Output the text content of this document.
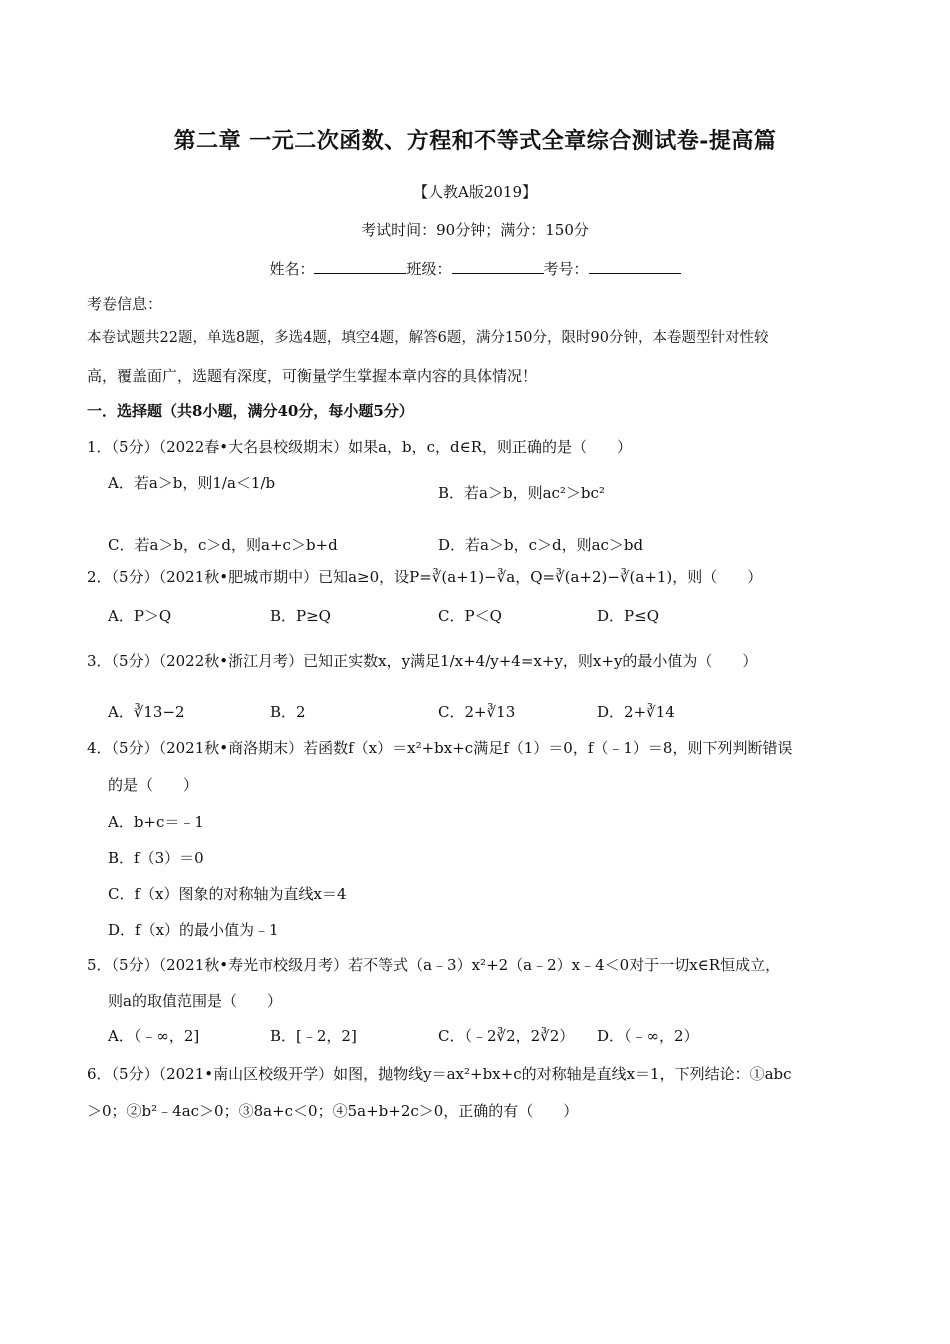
第二章 一元二次函数、方程和不等式全章综合测试卷-提高篇
【人教A版2019】
考试时间：90分钟；满分：150分
姓名：	班级：	考号：
考卷信息：
本卷试题共22题，单选8题，多选4题，填空4题，解答6题，满分150分，限时90分钟，本卷题型针对性较
高，覆盖面广，选题有深度，可衡量学生掌握本章内容的具体情况！
一．选择题（共8小题，满分40分，每小题5分）
1．（5分）（2022春•大名县校级期末）如果a，b，c，d∈R，则正确的是（　　）
A．若a＞b，则1/a＜1/b
B．若a＞b，则ac²＞bc²
C．若a＞b，c＞d，则a+c＞b+d	D．若a＞b，c＞d，则ac＞bd
2．（5分）（2021秋•肥城市期中）已知a≥0，设P=∛(a+1)−∛a，Q=∛(a+2)−∛(a+1)，则（　　）
A．P＞Q	B．P≥Q	C．P＜Q	D．P≤Q
3．（5分）（2022秋•浙江月考）已知正实数x，y满足1/x+4/y+4=x+y，则x+y的最小值为（　　）
A．∛13−2	B．2	C．2+∛13	D．2+∛14
4．（5分）（2021秋•商洛期末）若函数f（x）＝x²+bx+c满足f（1）＝0，f（﹣1）＝8，则下列判断错误
的是（　　）
A．b+c＝﹣1
B．f（3）＝0
C．f（x）图象的对称轴为直线x＝4
D．f（x）的最小值为﹣1
5．（5分）（2021秋•寿光市校级月考）若不等式（a﹣3）x²+2（a﹣2）x﹣4＜0对于一切x∈R恒成立，
则a的取值范围是（　　）
A．（﹣∞，2]	B．[﹣2，2]	C．（﹣2∛2，2∛2） D．（﹣∞，2）
6．（5分）（2021•南山区校级开学）如图，抛物线y＝ax²+bx+c的对称轴是直线x＝1，下列结论：①abc
＞0；②b²﹣4ac＞0；③8a+c＜0；④5a+b+2c＞0，正确的有（　　）
